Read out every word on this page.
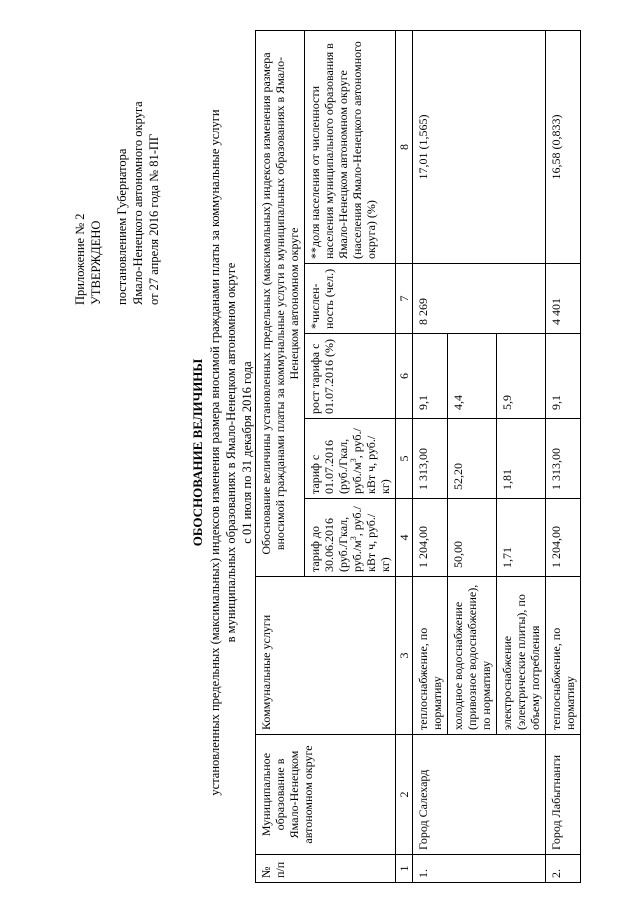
Приложение № 2 УТВЕРЖДЕНО постановлением Губернатора Ямало-Ненецкого автономного округа от 27 апреля 2016 года № 81-ПГ
ОБОСНОВАНИЕ ВЕЛИЧИНЫ установленных предельных (максимальных) индексов изменения размера вносимой гражданами платы за коммунальные услуги в муниципальных образованиях в Ямало-Ненецком автономном округе с 01 июля по 31 декабря 2016 года
№ п/п	Муниципальное образование в Ямало-Ненецком автономном округе	Коммунальные услуги	Обоснование величины установленных предельных (максимальных) индексов изменения размера вносимой гражданами платы за коммунальные услуги в муниципальных образованиях в Ямало-Ненецком автономном округе				
			тариф до 30.06.2016 (руб./Гкал, $руб./м^3$, руб./кВт ч, руб./кг)	тариф с 01.07.2016 (руб./Гкал, $руб./м^3$, руб./кВт ч, руб./кг)	рост тарифа с 01.07.2016 (%)	*числен-ность (чел.)	**доля населения от численности населения муниципального образования в Ямало-Ненецком автономном округе (населения Ямало-Ненецкого автономного округа) (%)
1	2	3	4	5	6	7	8
1.	Город Салехард	теплоснабжение, по нормативу	1 204,00	1 313,00	9,1	8 269	17,01 (1,565)
		холодное водоснабжение (привозное водоснабжение), по нормативу	50,00	52,20	4,4		
		электроснабжение (электрические плиты), по объему потребления	1,71	1,81	5,9		
2.	Город Лабытнанги	теплоснабжение, по нормативу	1 204,00	1 313,00	9,1	4 401	16,58 (0,833)
